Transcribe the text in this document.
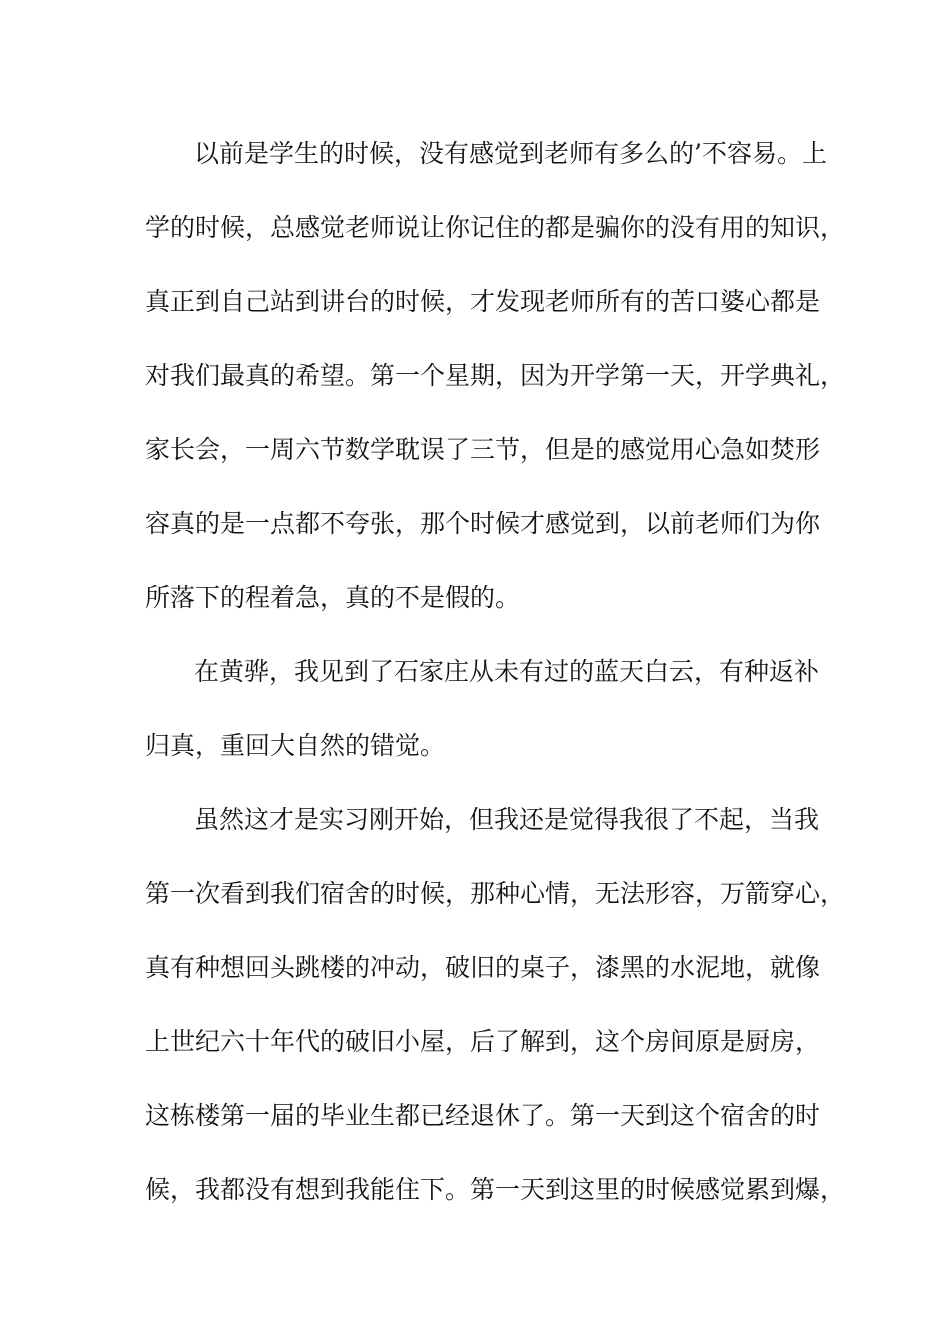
以前是学生的时候，没有感觉到老师有多么的’不容易。上
学的时候，总感觉老师说让你记住的都是骗你的没有用的知识，
真正到自己站到讲台的时候，才发现老师所有的苦口婆心都是
对我们最真的希望。第一个星期，因为开学第一天，开学典礼，
家长会，一周六节数学耽误了三节，但是的感觉用心急如焚形
容真的是一点都不夸张，那个时候才感觉到，以前老师们为你
所落下的程着急，真的不是假的。
在黄骅，我见到了石家庄从未有过的蓝天白云，有种返补
归真，重回大自然的错觉。
虽然这才是实习刚开始，但我还是觉得我很了不起，当我
第一次看到我们宿舍的时候，那种心情，无法形容，万箭穿心，
真有种想回头跳楼的冲动，破旧的桌子，漆黑的水泥地，就像
上世纪六十年代的破旧小屋，后了解到，这个房间原是厨房，
这栋楼第一届的毕业生都已经退休了。第一天到这个宿舍的时
候，我都没有想到我能住下。第一天到这里的时候感觉累到爆，
